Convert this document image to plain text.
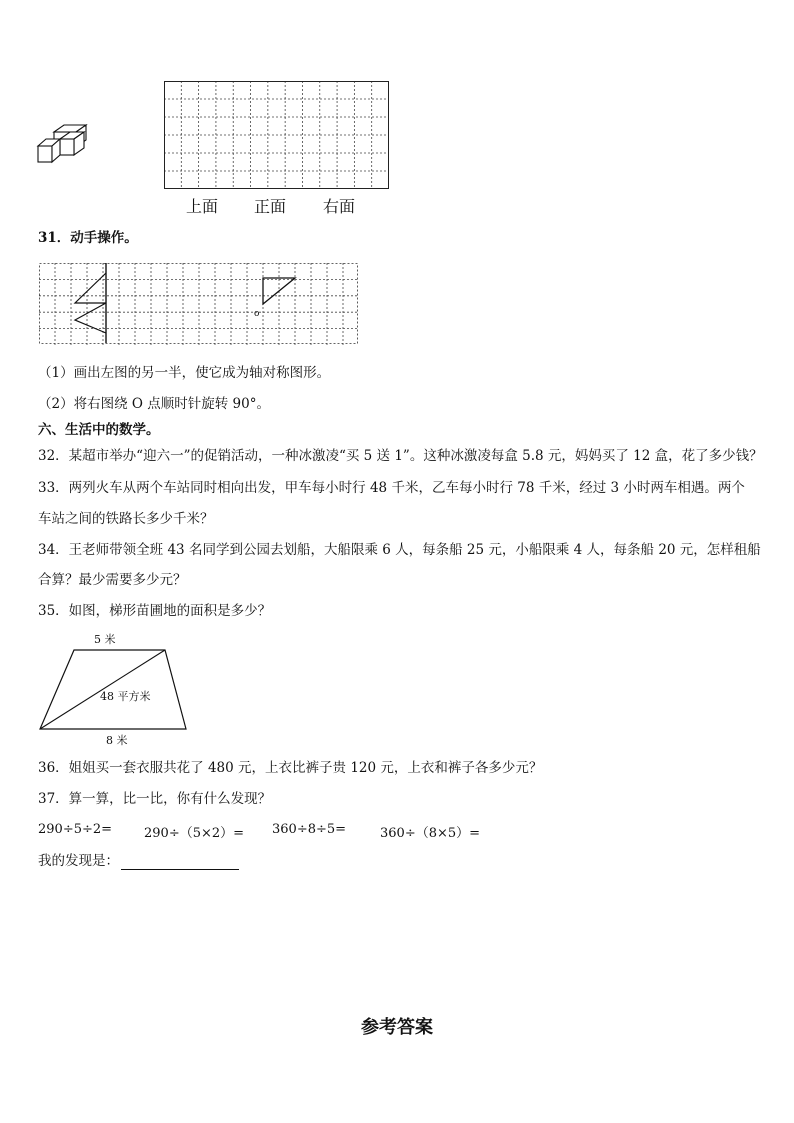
上面 正面 右面
31．动手操作。
o
（1）画出左图的另一半，使它成为轴对称图形。
（2）将右图绕 O 点顺时针旋转 90°。
六、生活中的数学。
32．某超市举办“迎六一”的促销活动，一种冰激凌“买 5 送 1”。这种冰激凌每盒 5.8 元，妈妈买了 12 盒，花了多少钱？
33．两列火车从两个车站同时相向出发，甲车每小时行 48 千米，乙车每小时行 78 千米，经过 3 小时两车相遇。两个
车站之间的铁路长多少千米？
34．王老师带领全班 43 名同学到公园去划船，大船限乘 6 人，每条船 25 元，小船限乘 4 人，每条船 20 元，怎样租船
合算？最少需要多少元？
35．如图，梯形苗圃地的面积是多少？
5 米
48 平方米
8 米
36．姐姐买一套衣服共花了 480 元，上衣比裤子贵 120 元，上衣和裤子各多少元？
37．算一算，比一比，你有什么发现？
290÷5÷2= 290÷（5×2）= 360÷8÷5=	360÷（8×5）=
我的发现是：
参考答案
